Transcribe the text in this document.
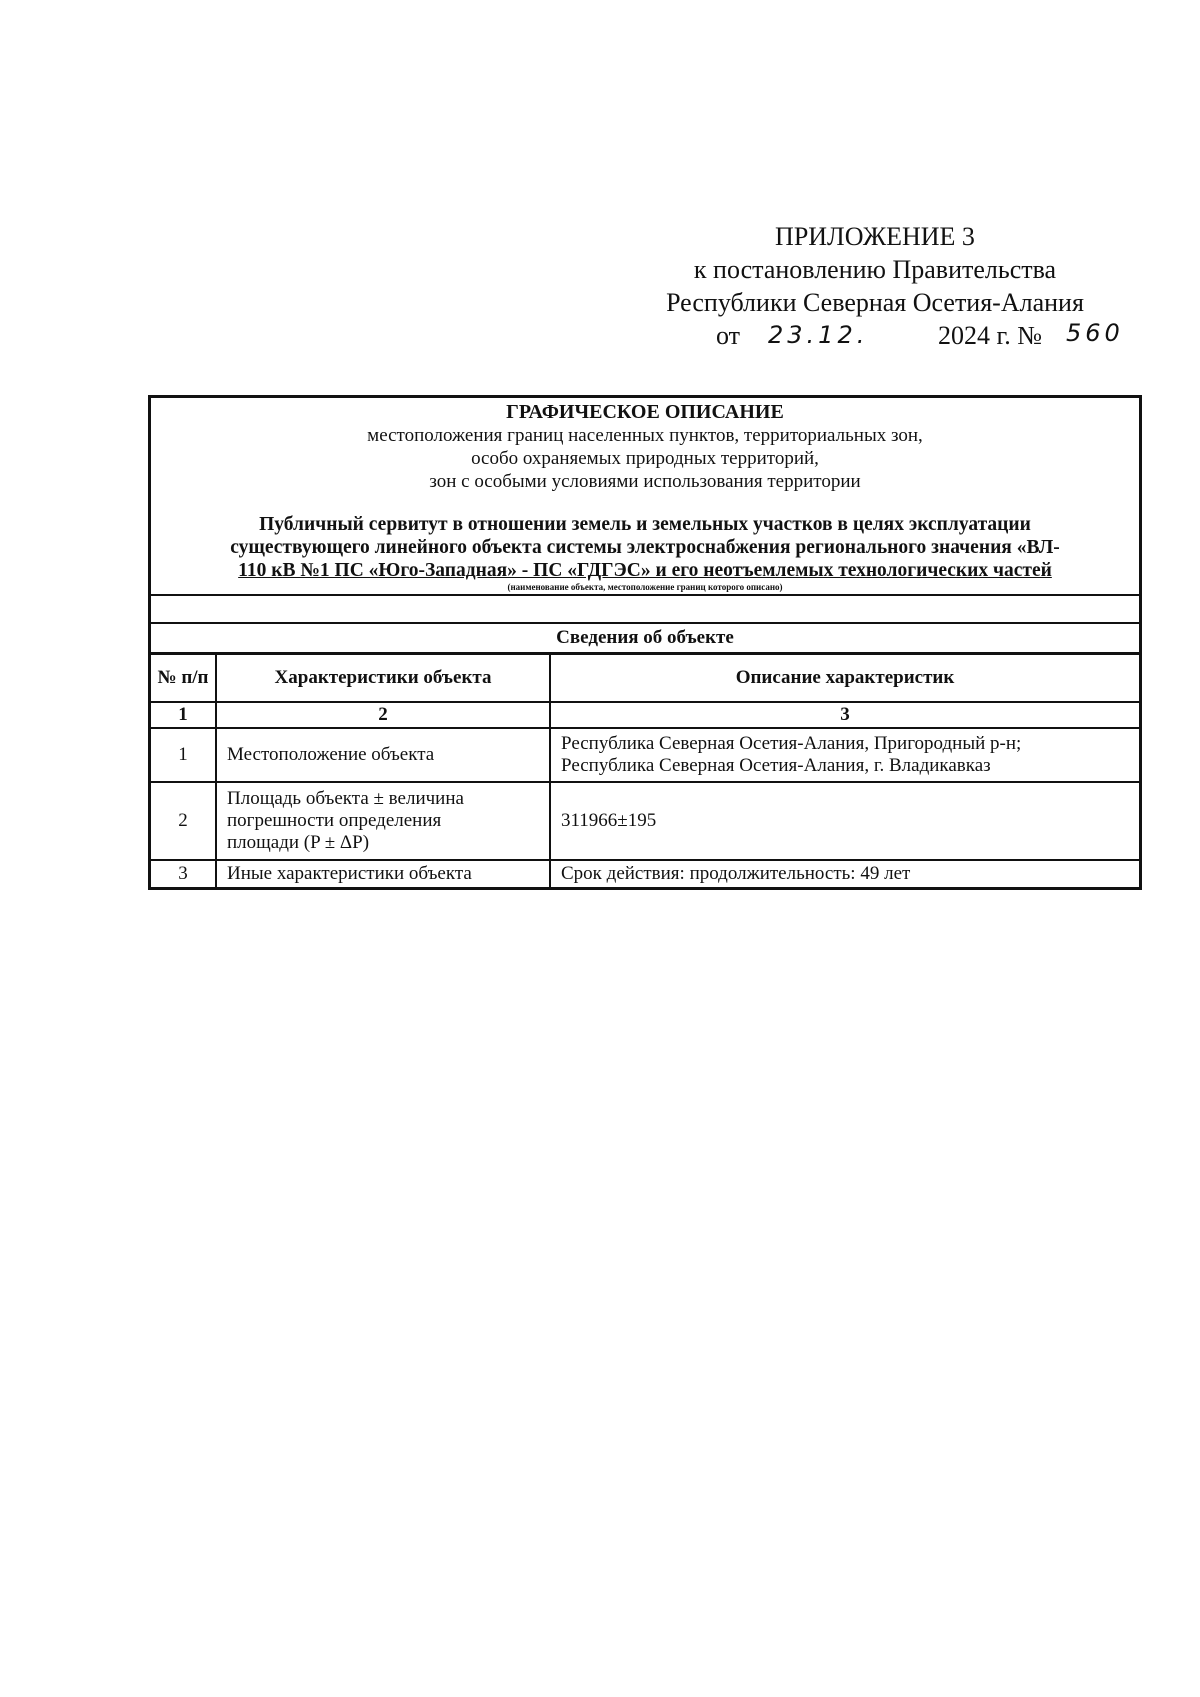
ПРИЛОЖЕНИЕ 3
к постановлению Правительства
Республики Северная Осетия-Алания
от 23.12.	2024 г. № 560
ГРАФИЧЕСКОЕ ОПИСАНИЕ
местоположения границ населенных пунктов, территориальных зон,
особо охраняемых природных территорий,
зон с особыми условиями использования территории
Публичный сервитут в отношении земель и земельных участков в целях эксплуатации
существующего линейного объекта системы электроснабжения регионального значения «ВЛ-
110 кВ №1 ПС «Юго-Западная» - ПС «ГДГЭС» и его неотъемлемых технологических частей
(наименование объекта, местоположение границ которого описано)
Сведения об объекте
№ п/п	Характеристики объекта	Описание характеристик
1	2	3
1	Местоположение объекта	Республика Северная Осетия-Алания, Пригородный р-н;
Республика Северная Осетия-Алания, г. Владикавказ

2	Площадь объекта ± величина
погрешности определения
площади (P ± ΔP)	311966±195
3	Иные характеристики объекта	Срок действия: продолжительность: 49 лет
